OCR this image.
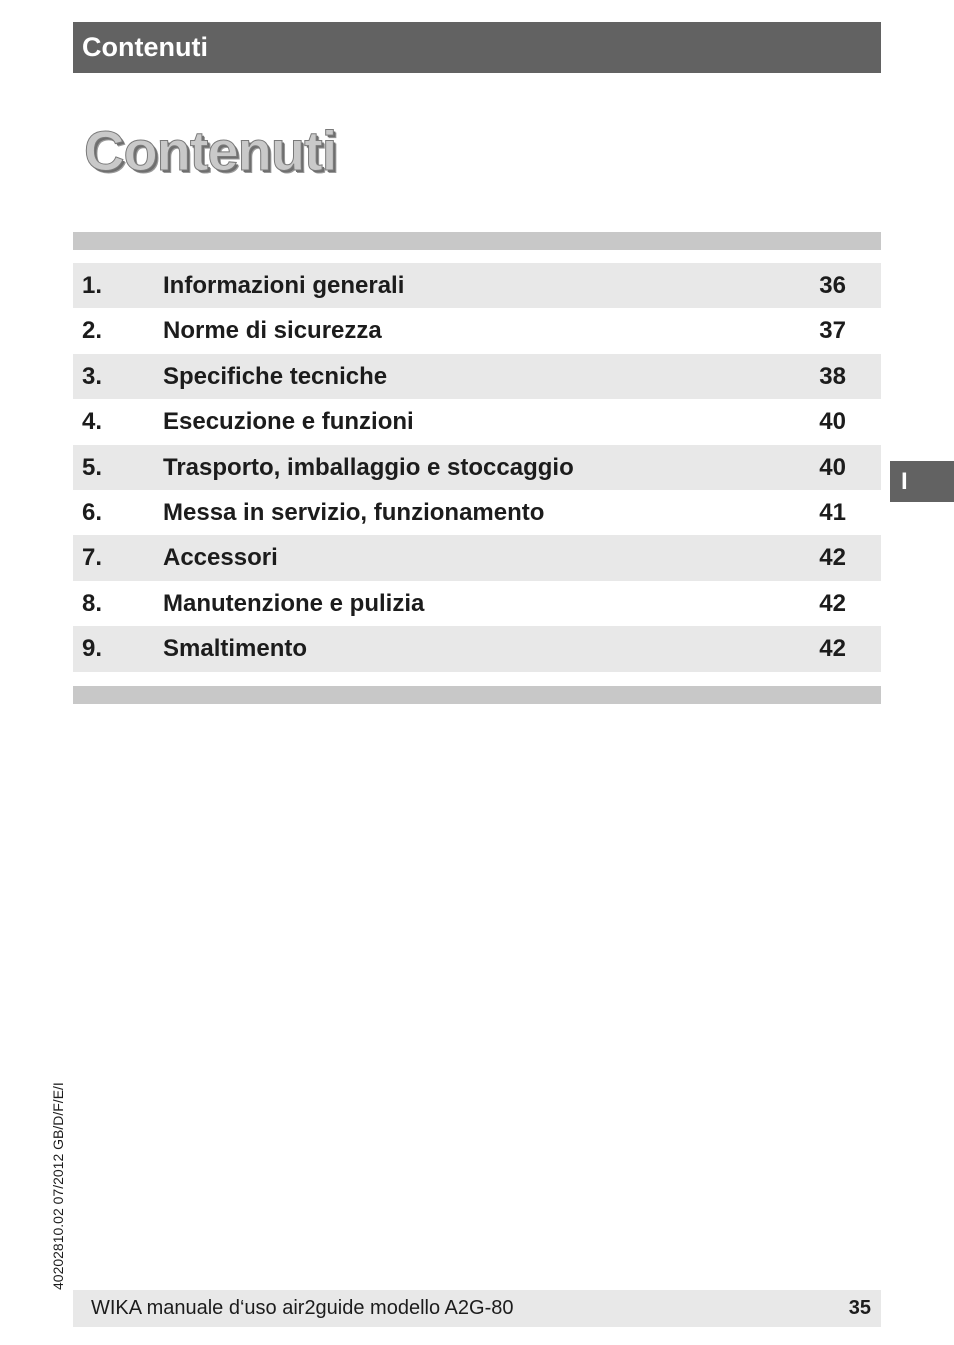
Contenuti
Contenuti
1.	Informazioni generali	36
2.	Norme di sicurezza	37
3.	Specifiche tecniche	38
4.	Esecuzione e funzioni	40
5.	Trasporto, imballaggio e stoccaggio	40
6.	Messa in servizio, funzionamento	41
7.	Accessori	42
8.	Manutenzione e pulizia	42
9.	Smaltimento	42
I
40202810.02 07/2012 GB/D/F/E/I
WIKA manuale d‘uso air2guide modello A2G-80	35
